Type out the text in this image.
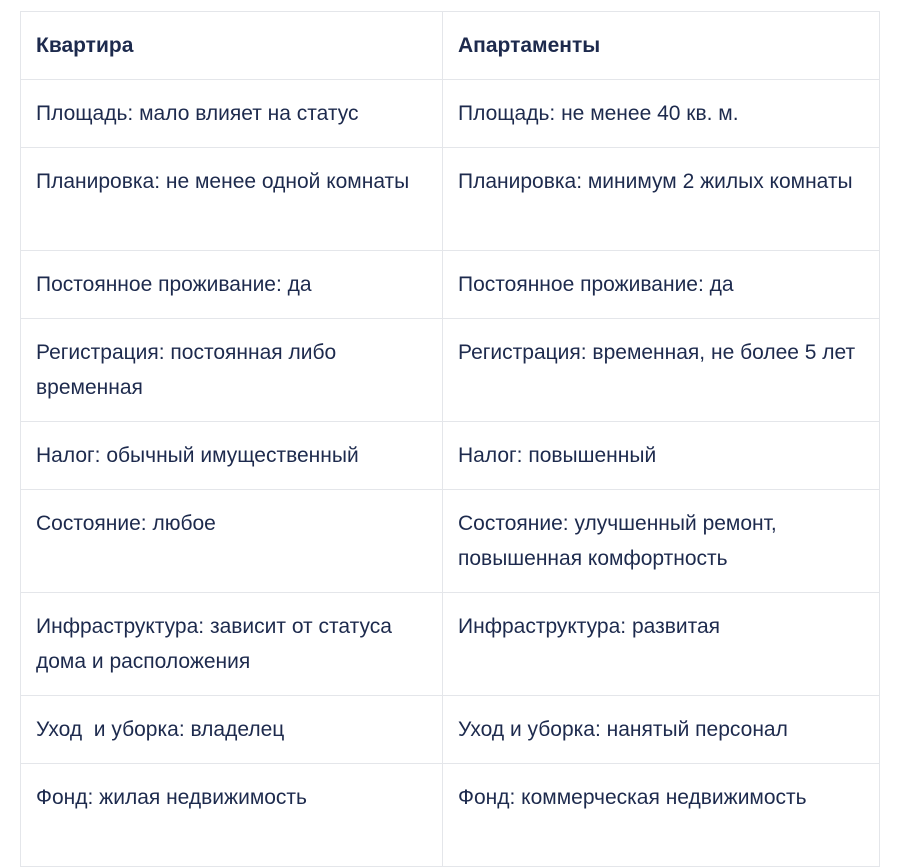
Квартира	Апартаменты
Площадь: мало влияет на статус	Площадь: не менее 40 кв. м.
Планировка: не менее одной комнаты	Планировка: минимум 2 жилых комнаты
Постоянное проживание: да	Постоянное проживание: да
Регистрация: постоянная либо временная	Регистрация: временная, не более 5 лет
Налог: обычный имущественный	Налог: повышенный
Состояние: любое	Состояние: улучшенный ремонт, повышенная комфортность
Инфраструктура: зависит от статуса дома и расположения	Инфраструктура: развитая
Уход  и уборка: владелец	Уход и уборка: нанятый персонал
Фонд: жилая недвижимость	Фонд: коммерческая недвижимость
